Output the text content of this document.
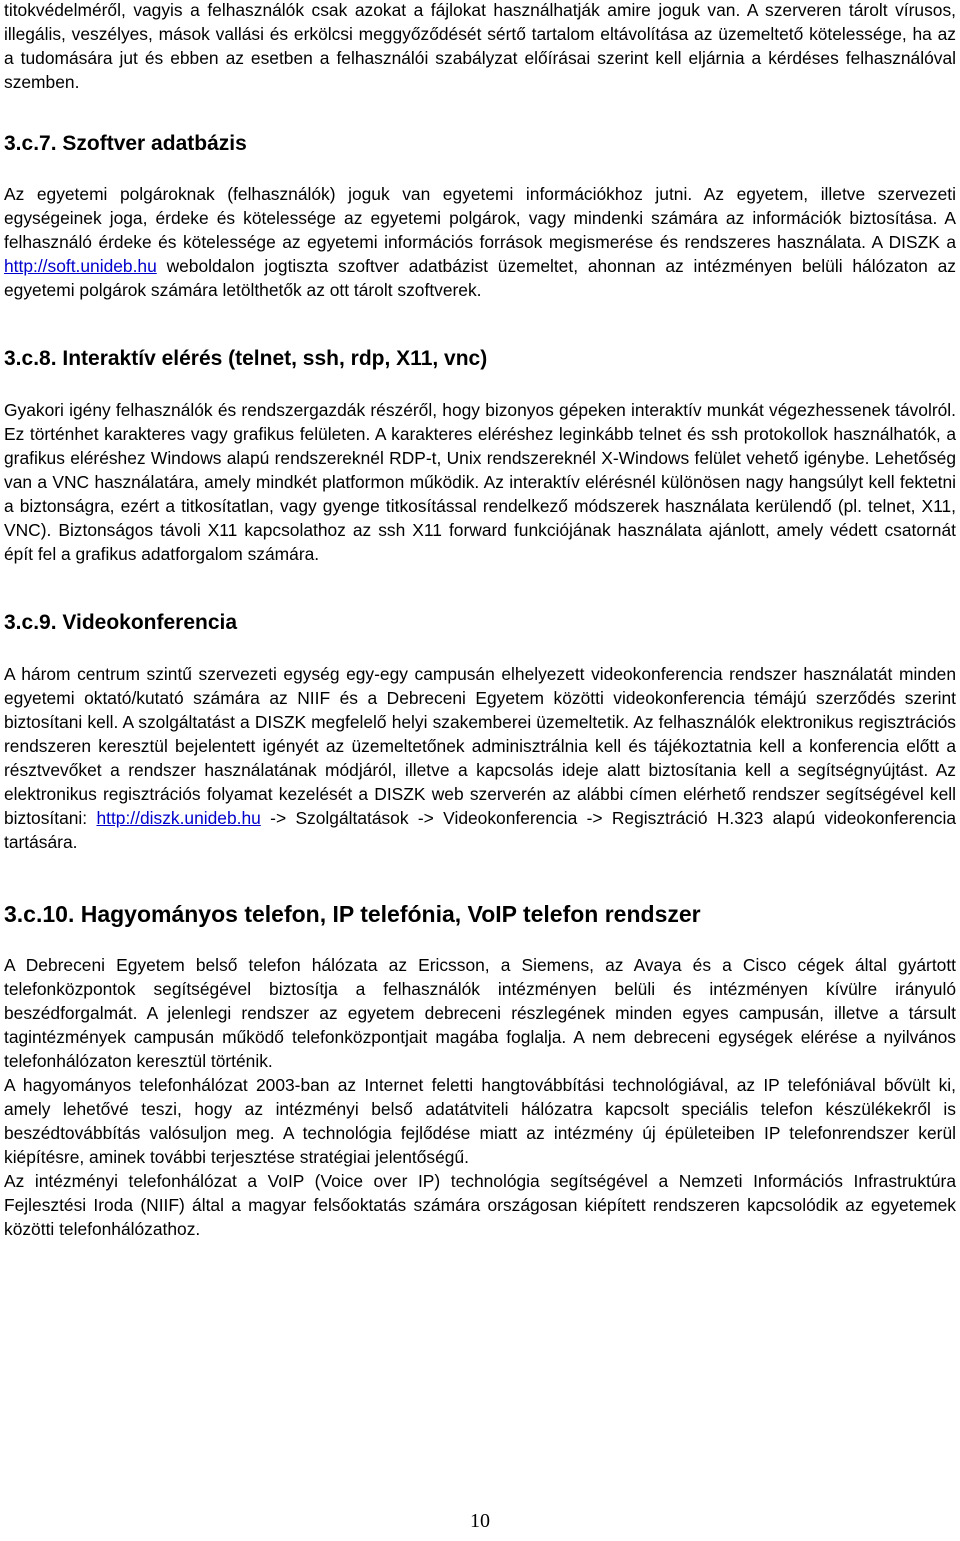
titokvédelméről, vagyis a felhasználók csak azokat a fájlokat használhatják amire joguk van. A szerveren tárolt vírusos, illegális, veszélyes, mások vallási és erkölcsi meggyőződését sértő tartalom eltávolítása az üzemeltető kötelessége, ha az a tudomására jut és ebben az esetben a felhasználói szabályzat előírásai szerint kell eljárnia a kérdéses felhasználóval szemben.

3.c.7. Szoftver adatbázis

Az egyetemi polgároknak (felhasználók) joguk van egyetemi információkhoz jutni. Az egyetem, illetve szervezeti egységeinek joga, érdeke és kötelessége az egyetemi polgárok, vagy mindenki számára az információk biztosítása. A felhasználó érdeke és kötelessége az egyetemi információs források megismerése és rendszeres használata. A DISZK a http://soft.unideb.hu weboldalon jogtiszta szoftver adatbázist üzemeltet, ahonnan az intézményen belüli hálózaton az egyetemi polgárok számára letölthetők az ott tárolt szoftverek.

3.c.8. Interaktív elérés (telnet, ssh, rdp, X11, vnc)

Gyakori igény felhasználók és rendszergazdák részéről, hogy bizonyos gépeken interaktív munkát végezhessenek távolról. Ez történhet karakteres vagy grafikus felületen. A karakteres eléréshez leginkább telnet és ssh protokollok használhatók, a grafikus eléréshez Windows alapú rendszereknél RDP-t, Unix rendszereknél X-Windows felület vehető igénybe. Lehetőség van a VNC használatára, amely mindkét platformon működik. Az interaktív elérésnél különösen nagy hangsúlyt kell fektetni a biztonságra, ezért a titkosítatlan, vagy gyenge titkosítással rendelkező módszerek használata kerülendő (pl. telnet, X11, VNC). Biztonságos távoli X11 kapcsolathoz az ssh X11 forward funkciójának használata ajánlott, amely védett csatornát épít fel a grafikus adatforgalom számára.

3.c.9. Videokonferencia

A három centrum szintű szervezeti egység egy-egy campusán elhelyezett videokonferencia rendszer használatát minden egyetemi oktató/kutató számára az NIIF és a Debreceni Egyetem közötti videokonferencia témájú szerződés szerint biztosítani kell. A szolgáltatást a DISZK megfelelő helyi szakemberei üzemeltetik. Az felhasználók elektronikus regisztrációs rendszeren keresztül bejelentett igényét az üzemeltetőnek adminisztrálnia kell és tájékoztatnia kell a konferencia előtt a résztvevőket a rendszer használatának módjáról, illetve a kapcsolás ideje alatt biztosítania kell a segítségnyújtást. Az elektronikus regisztrációs folyamat kezelését a DISZK web szerverén az alábbi címen elérhető rendszer segítségével kell biztosítani: http://diszk.unideb.hu -> Szolgáltatások -> Videokonferencia -> Regisztráció H.323 alapú videokonferencia tartására.

3.c.10. Hagyományos telefon, IP telefónia, VoIP telefon rendszer

A Debreceni Egyetem belső telefon hálózata az Ericsson, a Siemens, az Avaya és a Cisco cégek által gyártott telefonközpontok segítségével biztosítja a felhasználók intézményen belüli és intézményen kívülre irányuló beszédforgalmát. A jelenlegi rendszer az egyetem debreceni részlegének minden egyes campusán, illetve a társult tagintézmények campusán működő telefonközpontjait magába foglalja. A nem debreceni egységek elérése a nyilvános telefonhálózaton keresztül történik.

A hagyományos telefonhálózat 2003-ban az Internet feletti hangtovábbítási technológiával, az IP telefóniával bővült ki, amely lehetővé teszi, hogy az intézményi belső adatátviteli hálózatra kapcsolt speciális telefon készülékekről is beszédtovábbítás valósuljon meg. A technológia fejlődése miatt az intézmény új épületeiben IP telefonrendszer kerül kiépítésre, aminek további terjesztése stratégiai jelentőségű.

Az intézményi telefonhálózat a VoIP (Voice over IP) technológia segítségével a Nemzeti Információs Infrastruktúra Fejlesztési Iroda (NIIF) által a magyar felsőoktatás számára országosan kiépített rendszeren kapcsolódik az egyetemek közötti telefonhálózathoz.

10
